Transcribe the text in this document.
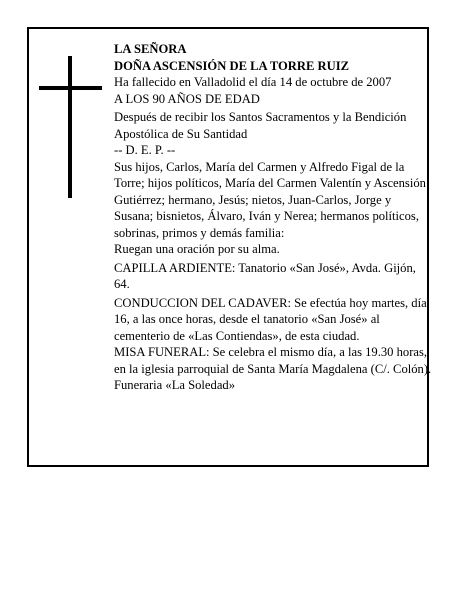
LA SEÑORA

DOÑA ASCENSIÓN DE LA TORRE RUIZ

Ha fallecido en Valladolid el día 14 de octubre de 2007

A LOS 90 AÑOS DE EDAD

Después de recibir los Santos Sacramentos y la Bendición Apostólica de Su Santidad

-- D. E. P. --

Sus hijos, Carlos, María del Carmen y Alfredo Figal de la Torre; hijos políticos, María del Carmen Valentín y Ascensión Gutiérrez; hermano, Jesús; nietos, Juan-Carlos, Jorge y Susana; bisnietos, Álvaro, Iván y Nerea; hermanos políticos, sobrinas, primos y demás familia:

Ruegan una oración por su alma.

CAPILLA ARDIENTE: Tanatorio «San José», Avda. Gijón, 64.

CONDUCCION DEL CADAVER: Se efectúa hoy martes, día 16, a las once horas, desde el tanatorio «San José» al cementerio de «Las Contiendas», de esta ciudad.

MISA FUNERAL: Se celebra el mismo día, a las 19.30 horas, en la iglesia parroquial de Santa María Magdalena (C/. Colón).

Funeraria «La Soledad»
